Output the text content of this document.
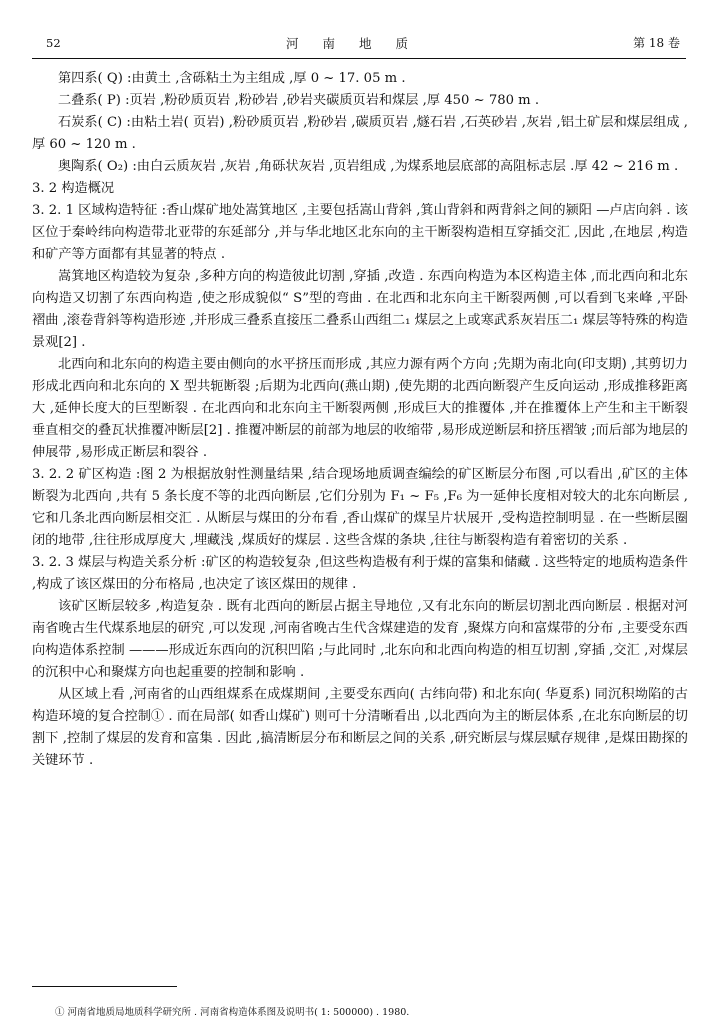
52	河南地质	第 18 卷

第四系( Q) :由黄土 ,含砾粘土为主组成 ,厚 0 ~ 17. 05 m .

二叠系( P) :页岩 ,粉砂质页岩 ,粉砂岩 ,砂岩夹碳质页岩和煤层 ,厚 450 ~ 780 m .

石炭系( C) :由粘土岩( 页岩) ,粉砂质页岩 ,粉砂岩 ,碳质页岩 ,燧石岩 ,石英砂岩 ,灰岩 ,铝土矿层和煤层组成 ,厚 60 ~ 120 m .

奥陶系( O₂) :由白云质灰岩 ,灰岩 ,角砾状灰岩 ,页岩组成 ,为煤系地层底部的高阻标志层 .厚 42 ~ 216 m .

3. 2 构造概况

3. 2. 1 区域构造特征 :香山煤矿地处嵩箕地区 ,主要包括嵩山背斜 ,箕山背斜和两背斜之间的颍阳 —卢店向斜 . 该区位于秦岭纬向构造带北亚带的东延部分 ,并与华北地区北东向的主干断裂构造相互穿插交汇 ,因此 ,在地层 ,构造和矿产等方面都有其显著的特点 .

嵩箕地区构造较为复杂 ,多种方向的构造彼此切割 ,穿插 ,改造 . 东西向构造为本区构造主体 ,而北西向和北东向构造又切割了东西向构造 ,使之形成貌似“ S”型的弯曲 . 在北西和北东向主干断裂两侧 ,可以看到飞来峰 ,平卧褶曲 ,滚卷背斜等构造形迹 ,并形成三叠系直接压二叠系山西组二₁ 煤层之上或寒武系灰岩压二₁ 煤层等特殊的构造景观[2] .

北西向和北东向的构造主要由侧向的水平挤压而形成 ,其应力源有两个方向 ;先期为南北向(印支期) ,其剪切力形成北西向和北东向的 X 型共轭断裂 ;后期为北西向(燕山期) ,使先期的北西向断裂产生反向运动 ,形成推移距离大 ,延伸长度大的巨型断裂 . 在北西向和北东向主干断裂两侧 ,形成巨大的推覆体 ,并在推覆体上产生和主干断裂垂直相交的叠瓦状推覆冲断层[2] . 推覆冲断层的前部为地层的收缩带 ,易形成逆断层和挤压褶皱 ;而后部为地层的伸展带 ,易形成正断层和裂谷 .

3. 2. 2 矿区构造 :图 2 为根据放射性测量结果 ,结合现场地质调查编绘的矿区断层分布图 ,可以看出 ,矿区的主体断裂为北西向 ,共有 5 条长度不等的北西向断层 ,它们分别为 F₁ ~ F₅ ,F₆ 为一延伸长度相对较大的北东向断层 ,它和几条北西向断层相交汇 . 从断层与煤田的分布看 ,香山煤矿的煤呈片状展开 ,受构造控制明显 . 在一些断层圈闭的地带 ,往往形成厚度大 ,埋藏浅 ,煤质好的煤层 . 这些含煤的条块 ,往往与断裂构造有着密切的关系 .

3. 2. 3 煤层与构造关系分析 :矿区的构造较复杂 ,但这些构造极有利于煤的富集和储藏 . 这些特定的地质构造条件 ,构成了该区煤田的分布格局 ,也决定了该区煤田的规律 .

该矿区断层较多 ,构造复杂 . 既有北西向的断层占据主导地位 ,又有北东向的断层切割北西向断层 . 根据对河南省晚古生代煤系地层的研究 ,可以发现 ,河南省晚古生代含煤建造的发育 ,聚煤方向和富煤带的分布 ,主要受东西向构造体系控制 ———形成近东西向的沉积凹陷 ;与此同时 ,北东向和北西向构造的相互切割 ,穿插 ,交汇 ,对煤层的沉积中心和聚煤方向也起重要的控制和影响 .

从区域上看 ,河南省的山西组煤系在成煤期间 ,主要受东西向( 古纬向带) 和北东向( 华夏系) 同沉积坳陷的古构造环境的复合控制① . 而在局部( 如香山煤矿) 则可十分清晰看出 ,以北西向为主的断层体系 ,在北东向断层的切割下 ,控制了煤层的发育和富集 . 因此 ,搞清断层分布和断层之间的关系 ,研究断层与煤层赋存规律 ,是煤田勘探的关键环节 .

① 河南省地质局地质科学研究所 . 河南省构造体系图及说明书( 1: 500000) . 1980.
